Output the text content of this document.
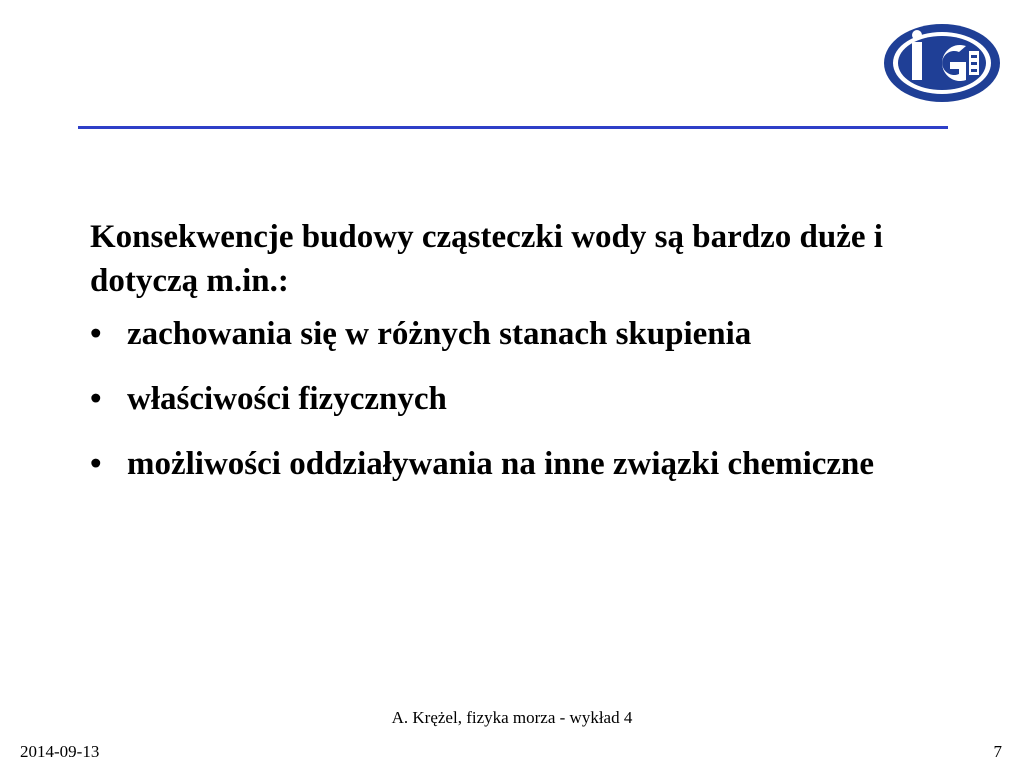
Konsekwencje budowy cząsteczki wody są bardzo duże i dotyczą m.in.:

• zachowania się w różnych stanach skupienia
• właściwości fizycznych
• możliwości oddziaływania na inne związki chemiczne
A. Krężel, fizyka morza - wykład 4
2014-09-13	7
